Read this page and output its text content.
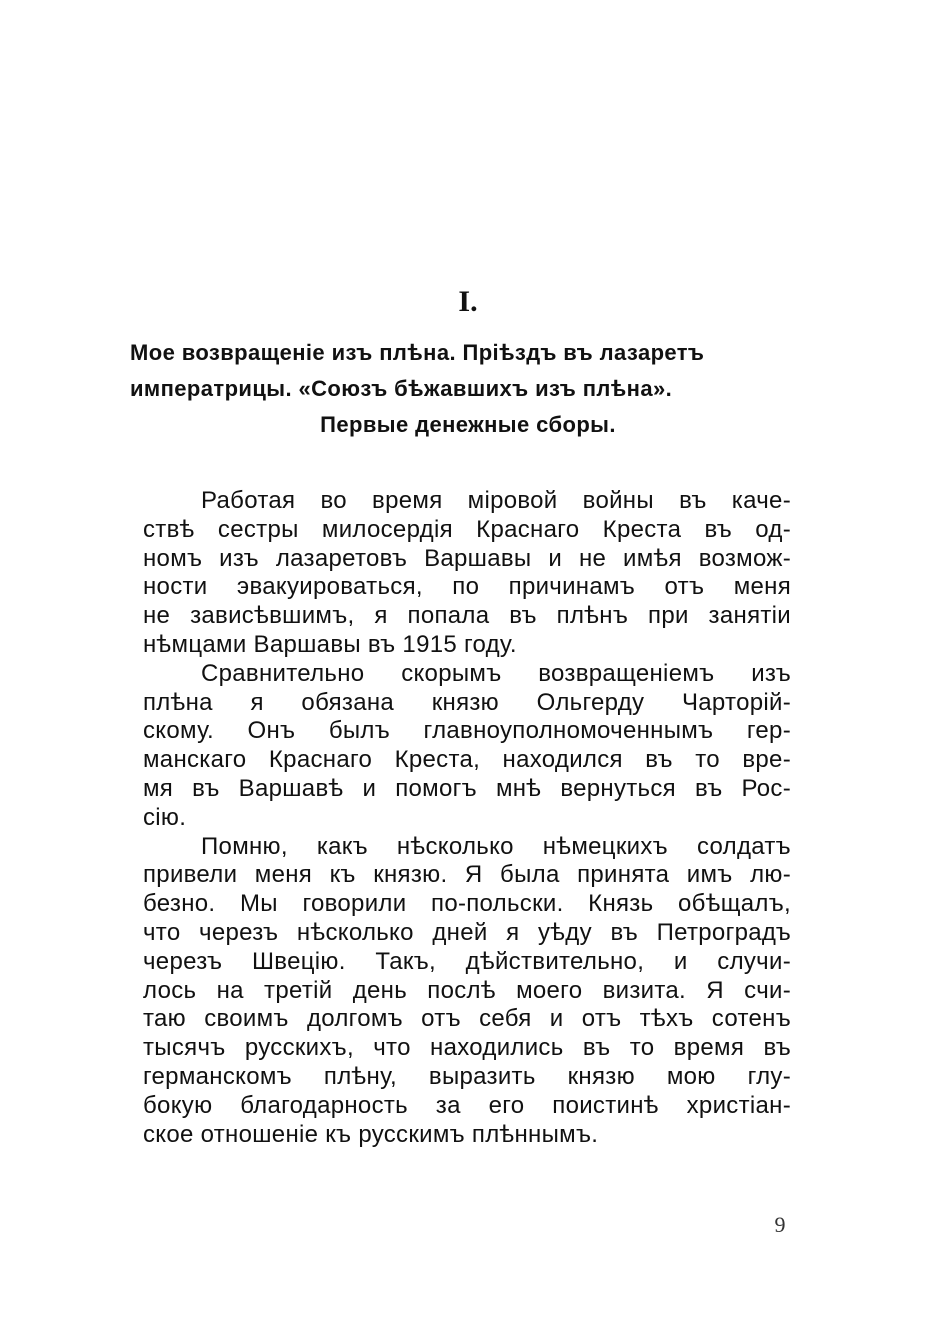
I.
Мое возвращеніе изъ плѣна. Пріѣздъ въ лазаретъ
императрицы. «Союзъ бѣжавшихъ изъ плѣна».
Первые денежные сборы.
Работая во время міровой войны въ каче-
ствѣ сестры милосердія Краснаго Креста въ од-
номъ изъ лазаретовъ Варшавы и не имѣя возмож-
ности эвакуироваться, по причинамъ отъ меня
не зависѣвшимъ, я попала въ плѣнъ при занятіи
нѣмцами Варшавы въ 1915 году.
Сравнительно скорымъ возвращеніемъ изъ
плѣна я обязана князю Ольгерду Чарторій-
скому. Онъ былъ главноуполномоченнымъ гер-
манскаго Краснаго Креста, находился въ то вре-
мя въ Варшавѣ и помогъ мнѣ вернуться въ Рос-
сію.
Помню, какъ нѣсколько нѣмецкихъ солдатъ
привели меня къ князю. Я была принята имъ лю-
безно. Мы говорили по-польски. Князь обѣщалъ,
что черезъ нѣсколько дней я уѣду въ Петроградъ
черезъ Швецію. Такъ, дѣйствительно, и случи-
лось на третій день послѣ моего визита. Я счи-
таю своимъ долгомъ отъ себя и отъ тѣхъ сотенъ
тысячъ русскихъ, что находились въ то время въ
германскомъ плѣну, выразить князю мою глу-
бокую благодарность за его поистинѣ христіан-
ское отношеніе къ русскимъ плѣннымъ.
9
